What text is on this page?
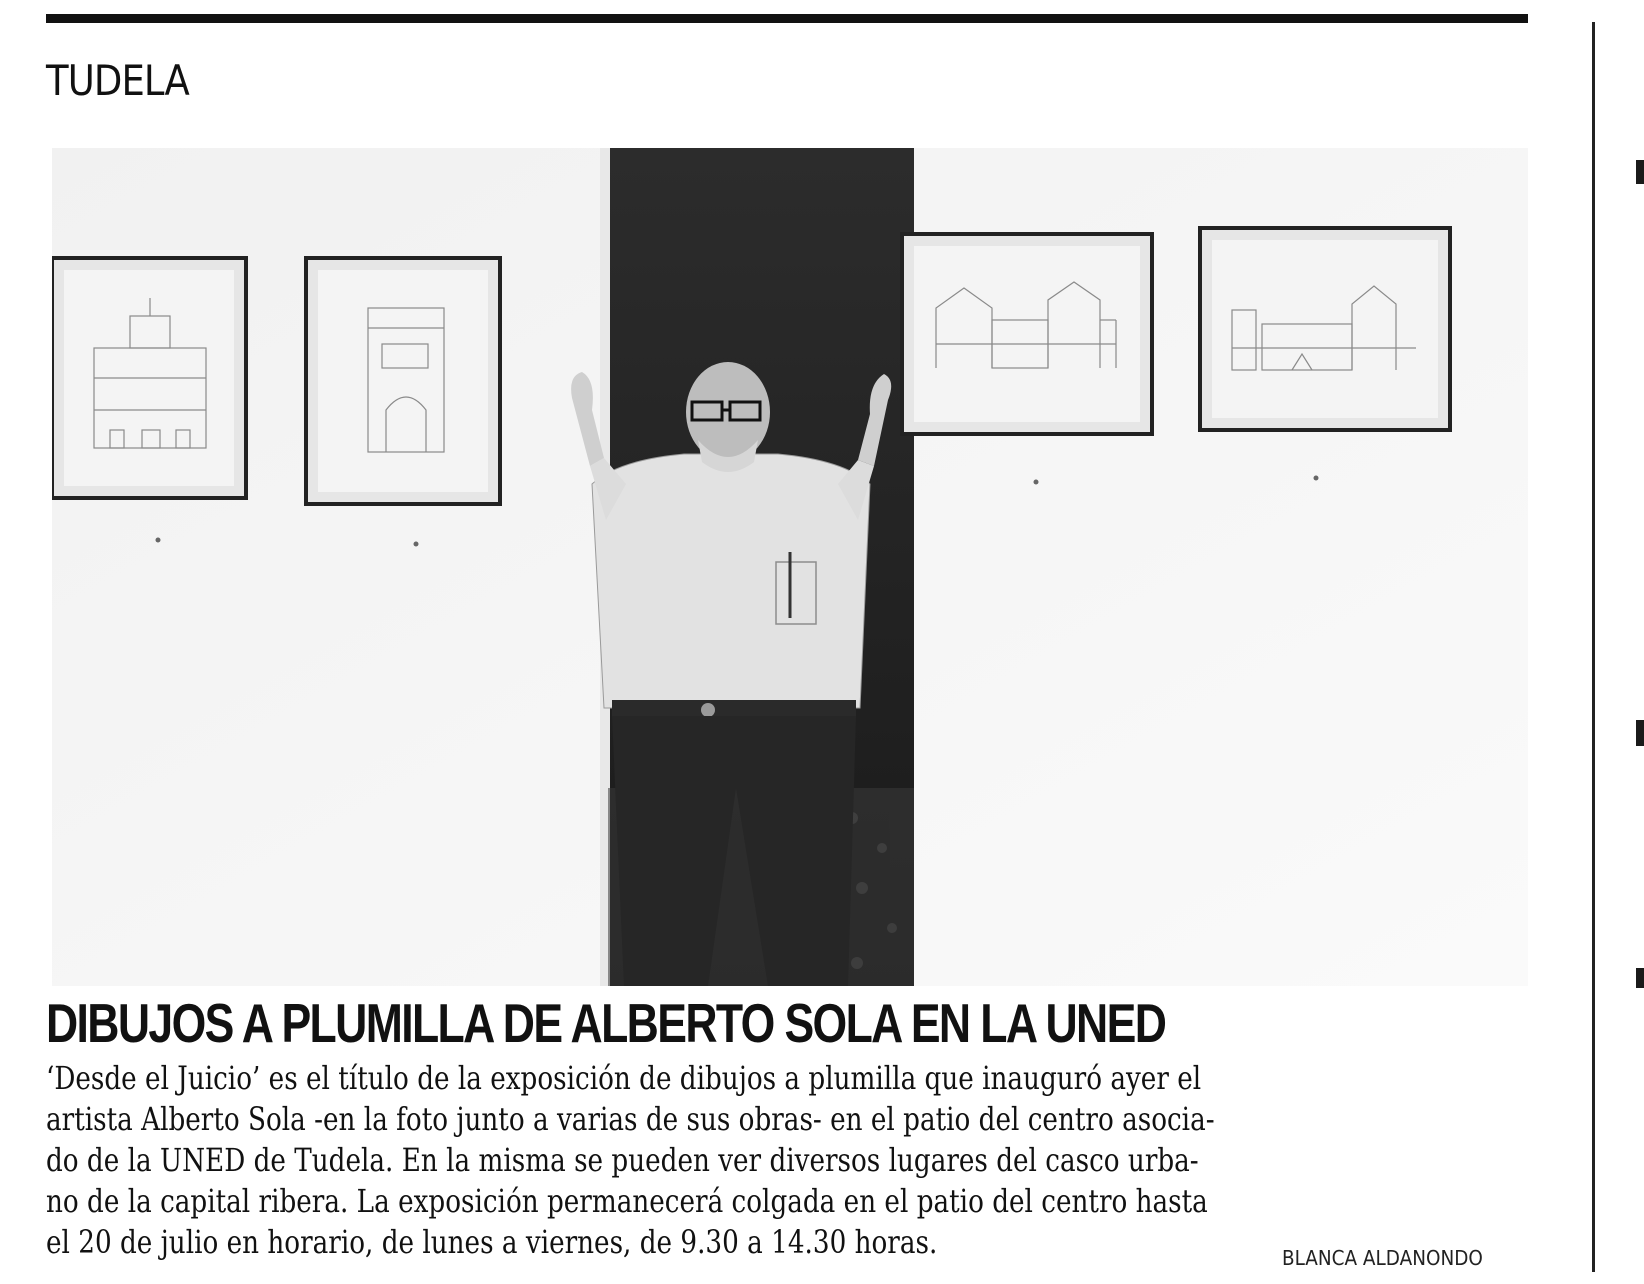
TUDELA
DIBUJOS A PLUMILLA DE ALBERTO SOLA EN LA UNED

‘Desde el Juicio’ es el título de la exposición de dibujos a plumilla que inauguró ayer el
artista Alberto Sola -en la foto junto a varias de sus obras- en el patio del centro asocia-
do de la UNED de Tudela. En la misma se pueden ver diversos lugares del casco urba-
no de la capital ribera. La exposición permanecerá colgada en el patio del centro hasta
el 20 de julio en horario, de lunes a viernes, de 9.30 a 14.30 horas.	BLANCA ALDANONDO
